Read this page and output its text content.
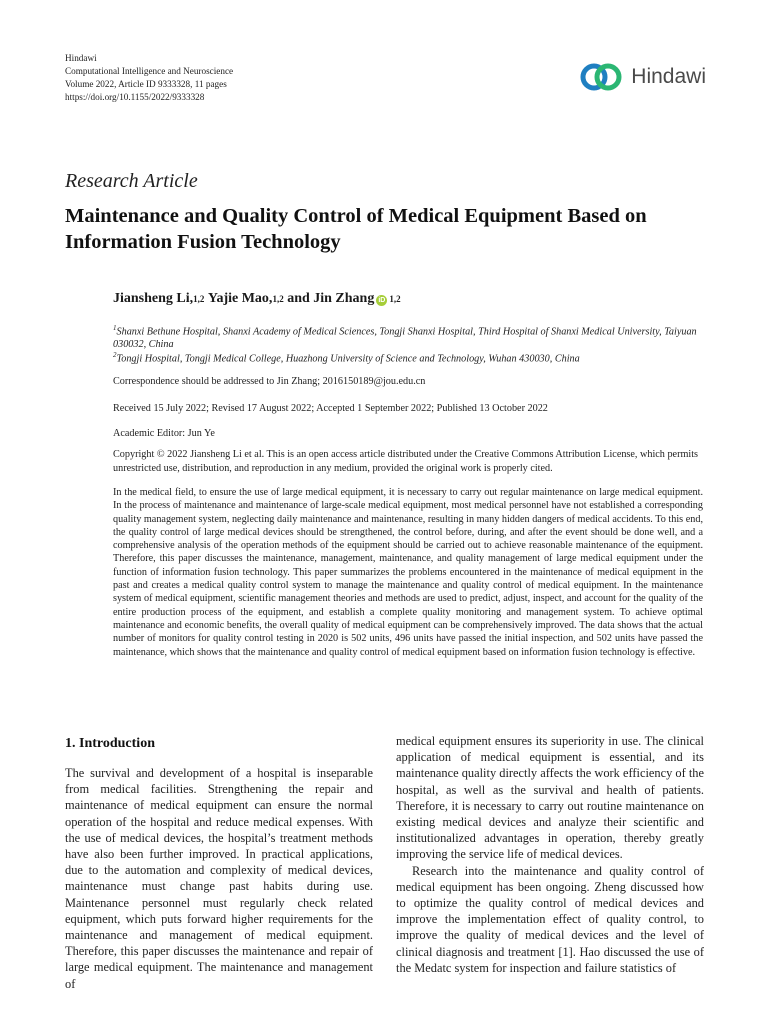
Hindawi
Computational Intelligence and Neuroscience
Volume 2022, Article ID 9333328, 11 pages
https://doi.org/10.1155/2022/9333328
Hindawi
Research Article
Maintenance and Quality Control of Medical Equipment Based on Information Fusion Technology
Jiansheng Li, 1,2
Yajie Mao, 1,2
and Jin Zhang iD 1,2
$^1$Shanxi Bethune Hospital, Shanxi Academy of Medical Sciences, Tongji Shanxi Hospital, Third Hospital of Shanxi Medical University, Taiyuan 030032, China
$^2$Tongji Hospital, Tongji Medical College, Huazhong University of Science and Technology, Wuhan 430030, China
Correspondence should be addressed to Jin Zhang; 2016150189@jou.edu.cn
Received 15 July 2022; Revised 17 August 2022; Accepted 1 September 2022; Published 13 October 2022
Academic Editor: Jun Ye
Copyright © 2022 Jiansheng Li et al. This is an open access article distributed under the Creative Commons Attribution License, which permits unrestricted use, distribution, and reproduction in any medium, provided the original work is properly cited.
In the medical field, to ensure the use of large medical equipment, it is necessary to carry out regular maintenance on large medical equipment. In the process of maintenance and maintenance of large-scale medical equipment, most medical personnel have not established a corresponding quality management system, neglecting daily maintenance and maintenance, resulting in many hidden dangers of medical accidents. To this end, the quality control of large medical devices should be strengthened, the control before, during, and after the event should be done well, and a comprehensive analysis of the operation methods of the equipment should be carried out to achieve reasonable maintenance of the equipment. Therefore, this paper discusses the maintenance, management, maintenance, and quality management of large medical equipment under the function of information fusion technology. This paper summarizes the problems encountered in the maintenance of medical equipment in the past and creates a medical quality control system to manage the maintenance and quality control of medical equipment. In the maintenance system of medical equipment, scientific management theories and methods are used to predict, adjust, inspect, and account for the quality of the entire production process of the equipment, and establish a complete quality monitoring and management system. To achieve optimal maintenance and economic benefits, the overall quality of medical equipment can be comprehensively improved. The data shows that the actual number of monitors for quality control testing in 2020 is 502 units, 496 units have passed the initial inspection, and 502 units have passed the maintenance, which shows that the maintenance and quality control of medical equipment based on information fusion technology is effective.
1. Introduction

The survival and development of a hospital is inseparable from medical facilities. Strengthening the repair and maintenance of medical equipment can ensure the normal operation of the hospital and reduce medical expenses. With the use of medical devices, the hospital’s treatment methods have also been further improved. In practical applications, due to the automation and complexity of medical devices, maintenance must change past habits during use. Maintenance personnel must regularly check related equipment, which puts forward higher requirements for the maintenance and management of medical equipment. Therefore, this paper discusses the maintenance and repair of large medical equipment. The maintenance and management of

medical equipment ensures its superiority in use. The clinical application of medical equipment is essential, and its maintenance quality directly affects the work efficiency of the hospital, as well as the survival and health of patients. Therefore, it is necessary to carry out routine maintenance on existing medical devices and analyze their scientific and institutionalized advantages in operation, thereby greatly improving the service life of medical devices.

Research into the maintenance and quality control of medical equipment has been ongoing. Zheng discussed how to optimize the quality control of medical devices and improve the implementation effect of quality control, to improve the quality of medical devices and the level of clinical diagnosis and treatment [1]. Hao discussed the use of the Medatc system for inspection and failure statistics of
